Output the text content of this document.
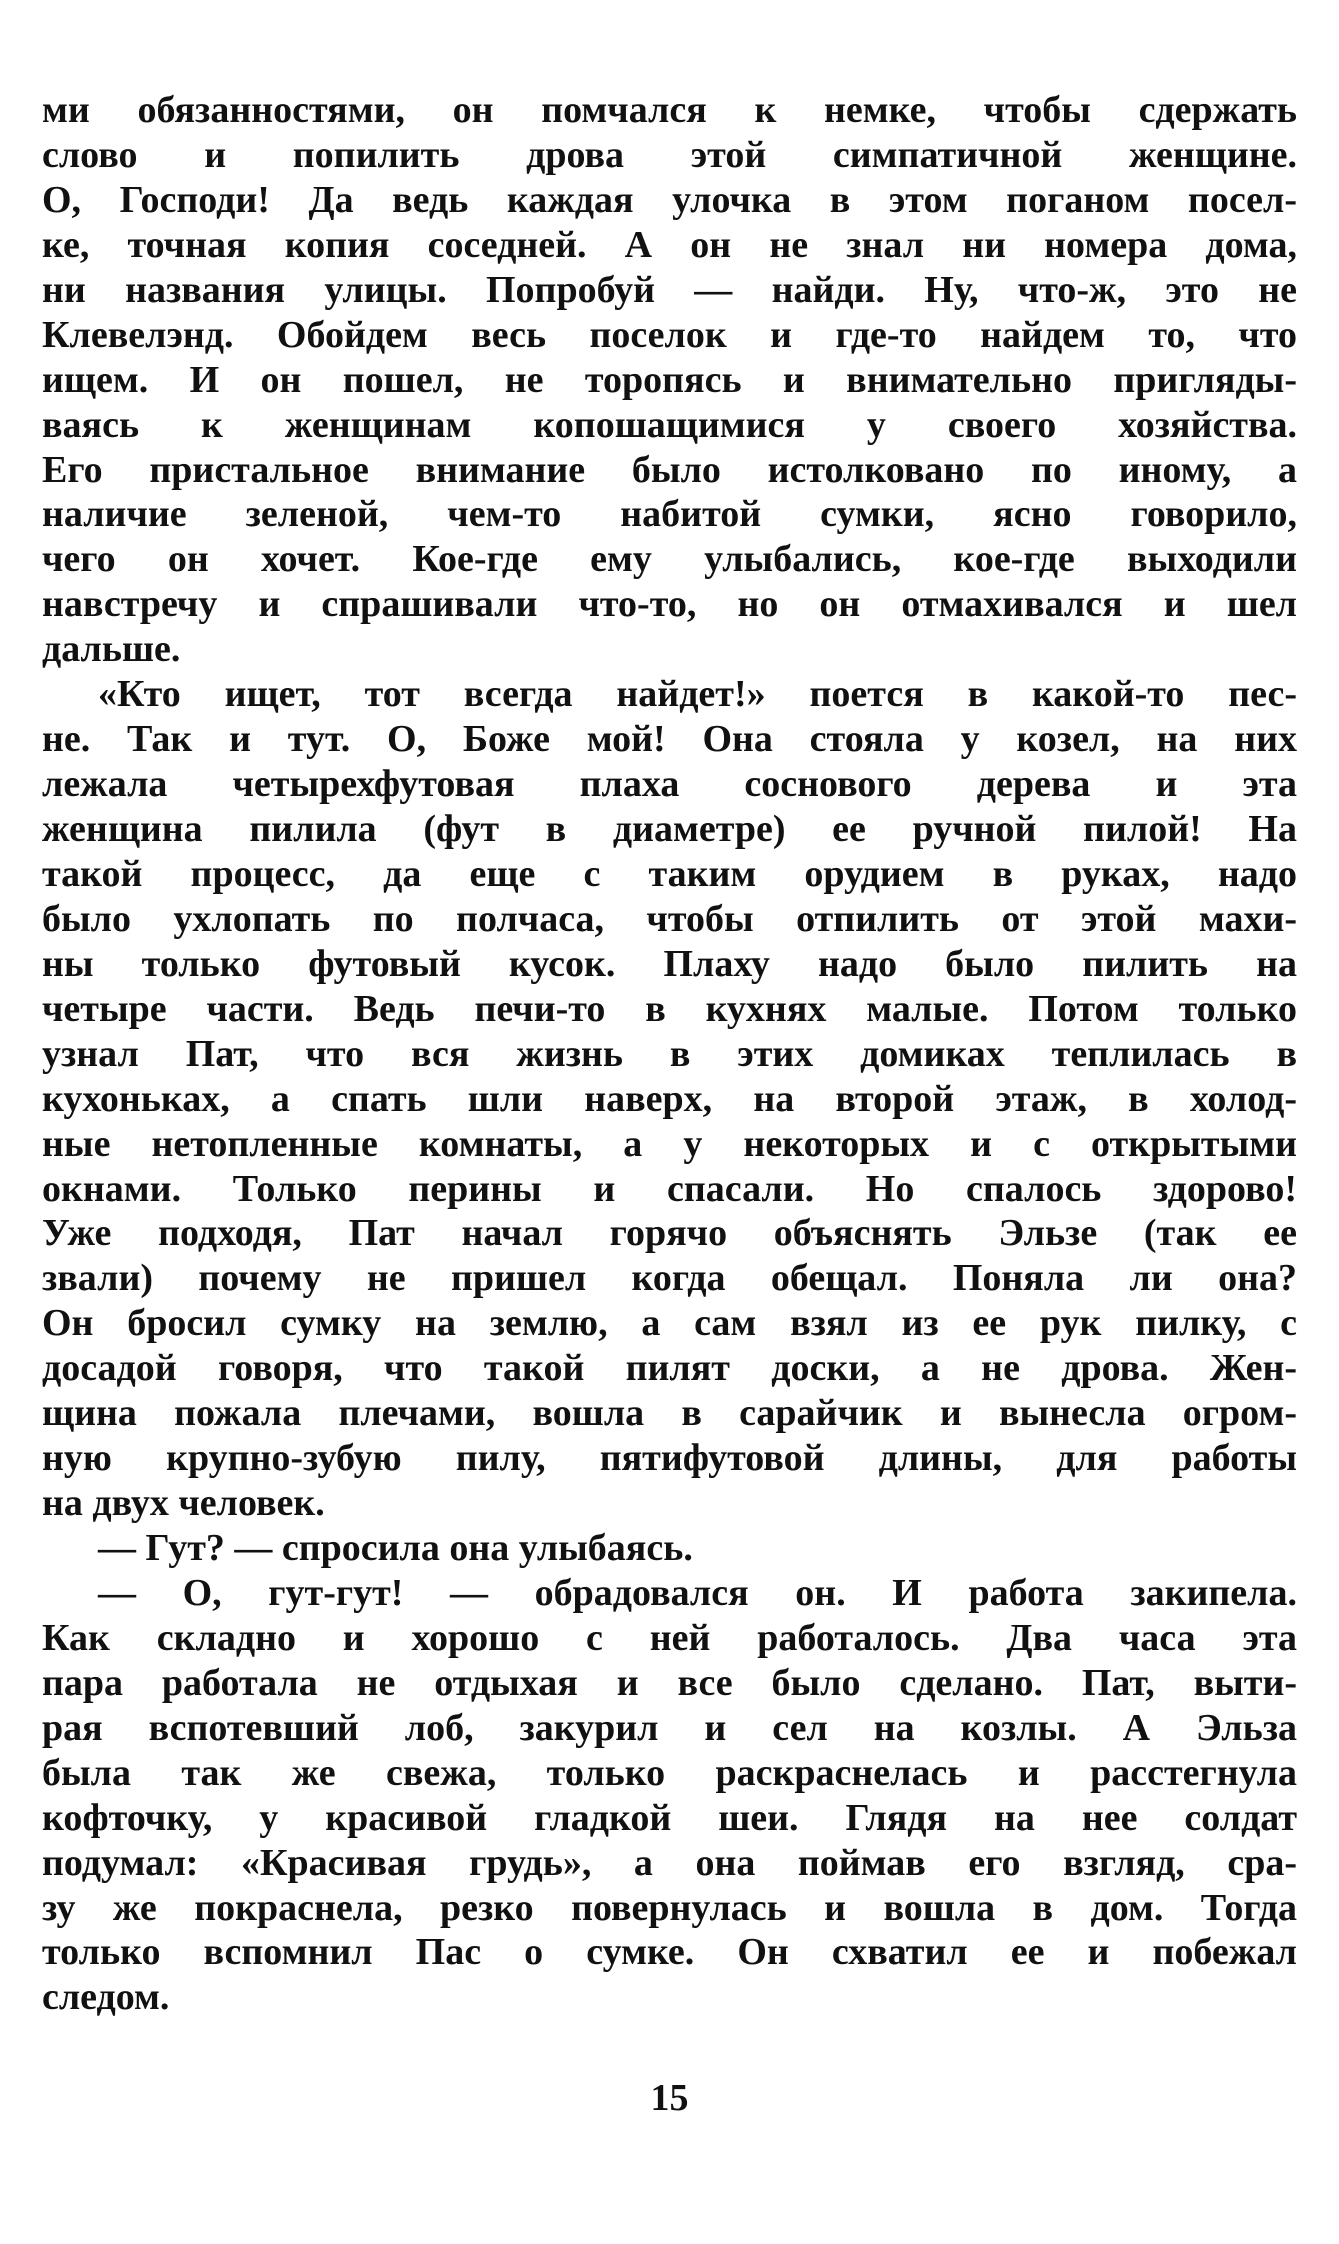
ми обязанностями, он помчался к немке, чтобы сдержать
слово и попилить дрова этой симпатичной женщине.
О, Господи! Да ведь каждая улочка в этом поганом посел-
ке, точная копия соседней. А он не знал ни номера дома,
ни названия улицы. Попробуй — найди. Ну, что-ж, это не
Клевелэнд. Обойдем весь поселок и где-то найдем то, что
ищем. И он пошел, не торопясь и внимательно пригляды-
ваясь к женщинам копошащимися у своего хозяйства.
Его пристальное внимание было истолковано по иному, а
наличие зеленой, чем-то набитой сумки, ясно говорило,
чего он хочет. Кое-где ему улыбались, кое-где выходили
навстречу и спрашивали что-то, но он отмахивался и шел
дальше.
«Кто ищет, тот всегда найдет!» поется в какой-то пес-
не. Так и тут. О, Боже мой! Она стояла у козел, на них
лежала четырехфутовая плаха соснового дерева и эта
женщина пилила (фут в диаметре) ее ручной пилой! На
такой процесс, да еще с таким орудием в руках, надо
было ухлопать по полчаса, чтобы отпилить от этой махи-
ны только футовый кусок. Плаху надо было пилить на
четыре части. Ведь печи-то в кухнях малые. Потом только
узнал Пат, что вся жизнь в этих домиках теплилась в
кухоньках, а спать шли наверх, на второй этаж, в холод-
ные нетопленные комнаты, а у некоторых и с открытыми
окнами. Только перины и спасали. Но спалось здорово!
Уже подходя, Пат начал горячо объяснять Эльзе (так ее
звали) почему не пришел когда обещал. Поняла ли она?
Он бросил сумку на землю, а сам взял из ее рук пилку, с
досадой говоря, что такой пилят доски, а не дрова. Жен-
щина пожала плечами, вошла в сарайчик и вынесла огром-
ную крупно-зубую пилу, пятифутовой длины, для работы
на двух человек.
— Гут? — спросила она улыбаясь.
— О, гут-гут! — обрадовался он. И работа закипела.
Как складно и хорошо с ней работалось. Два часа эта
пара работала не отдыхая и все было сделано. Пат, выти-
рая вспотевший лоб, закурил и сел на козлы. А Эльза
была так же свежа, только раскраснелась и расстегнула
кофточку, у красивой гладкой шеи. Глядя на нее солдат
подумал: «Красивая грудь», а она поймав его взгляд, сра-
зу же покраснела, резко повернулась и вошла в дом. Тогда
только вспомнил Пас о сумке. Он схватил ее и побежал
следом.
15
